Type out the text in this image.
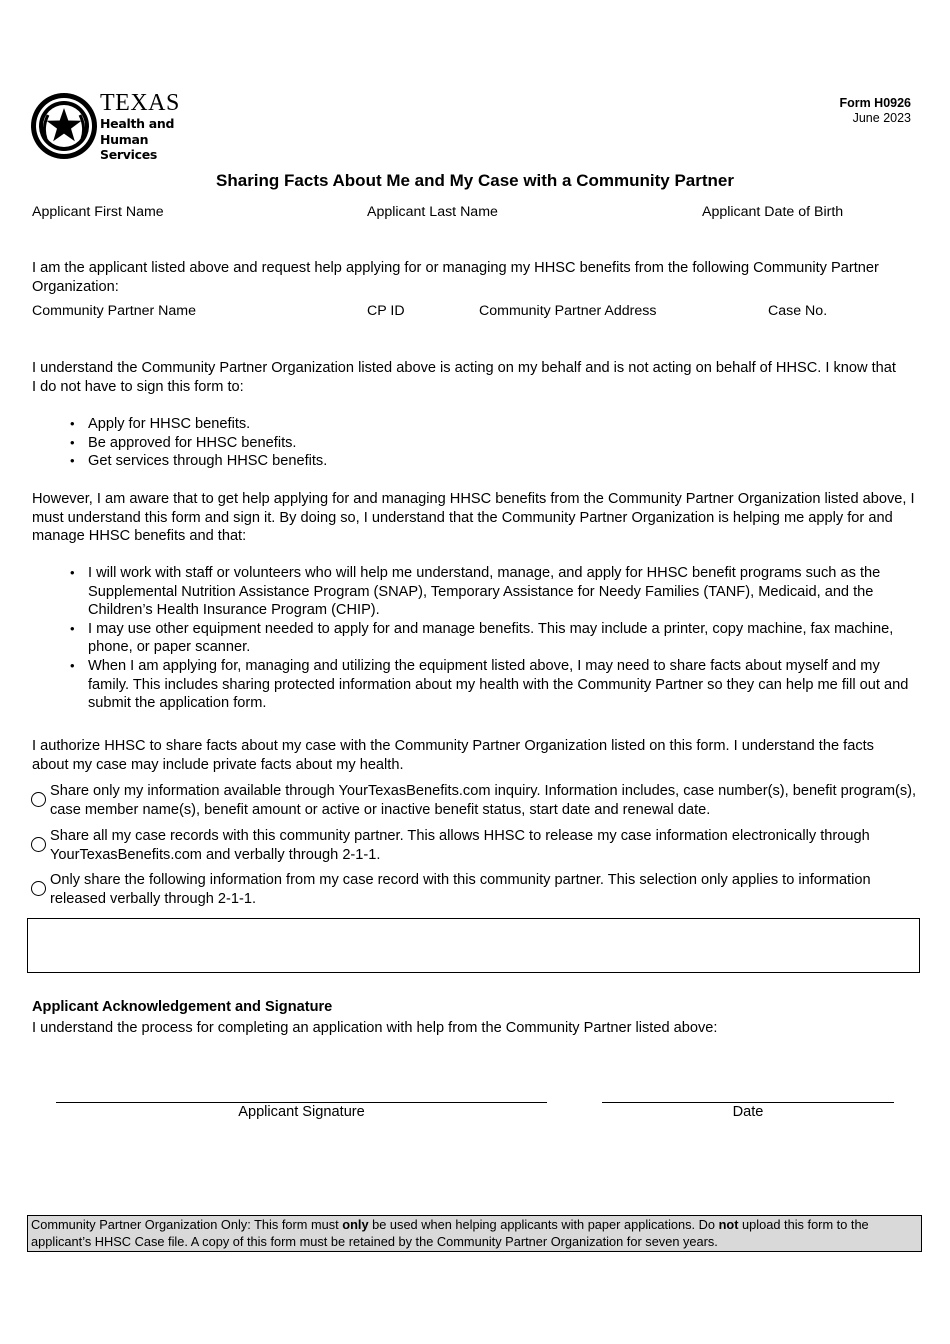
TEXAS
Health and Human
Services
Form H0926
June 2023
Sharing Facts About Me and My Case with a Community Partner
Applicant First Name	Applicant Last Name	Applicant Date of Birth

I am the applicant listed above and request help applying for or managing my HHSC benefits from the following Community Partner Organization:

Community Partner Name	CP ID	Community Partner Address	Case No.

I understand the Community Partner Organization listed above is acting on my behalf and is not acting on behalf of HHSC. I know that I do not have to sign this form to:

• Apply for HHSC benefits.
• Be approved for HHSC benefits.
• Get services through HHSC benefits.

However, I am aware that to get help applying for and managing HHSC benefits from the Community Partner Organization listed above, I must understand this form and sign it. By doing so, I understand that the Community Partner Organization is helping me apply for and manage HHSC benefits and that:

• I will work with staff or volunteers who will help me understand, manage, and apply for HHSC benefit programs such as the Supplemental Nutrition Assistance Program (SNAP), Temporary Assistance for Needy Families (TANF), Medicaid, and the Children’s Health Insurance Program (CHIP).
• I may use other equipment needed to apply for and manage benefits. This may include a printer, copy machine, fax machine, phone, or paper scanner.
• When I am applying for, managing and utilizing the equipment listed above, I may need to share facts about myself and my family. This includes sharing protected information about my health with the Community Partner so they can help me fill out and submit the application form.

I authorize HHSC to share facts about my case with the Community Partner Organization listed on this form. I understand the facts about my case may include private facts about my health.

Share only my information available through YourTexasBenefits.com inquiry. Information includes, case number(s), benefit program(s), case member name(s), benefit amount or active or inactive benefit status, start date and renewal date.
Share all my case records with this community partner. This allows HHSC to release my case information electronically through YourTexasBenefits.com and verbally through 2-1-1.
Only share the following information from my case record with this community partner. This selection only applies to information released verbally through 2-1-1.
Applicant Acknowledgement and Signature
I understand the process for completing an application with help from the Community Partner listed above:
Applicant Signature	Date
Community Partner Organization Only: This form must only be used when helping applicants with paper applications. Do not upload this form to the applicant’s HHSC Case file. A copy of this form must be retained by the Community Partner Organization for seven years.
